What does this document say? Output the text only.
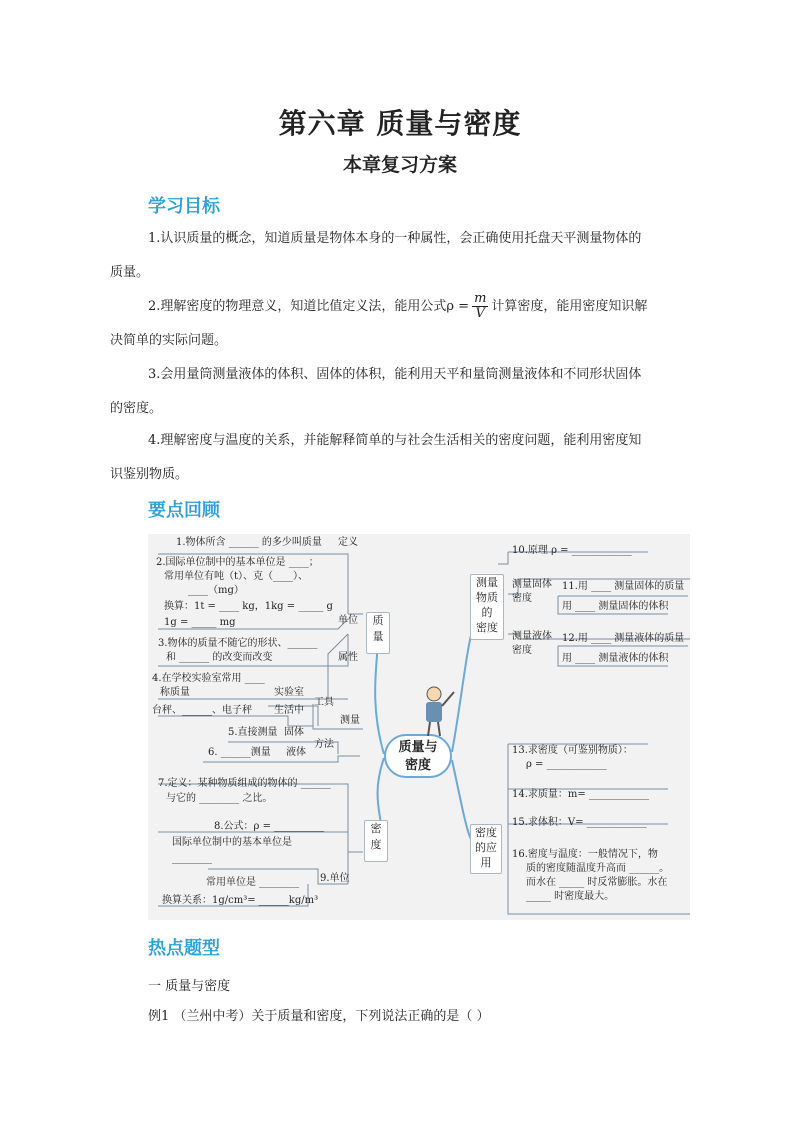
第六章 质量与密度
本章复习方案
学习目标
1.认识质量的概念，知道质量是物体本身的一种属性，会正确使用托盘天平测量物体的
质量。
2.理解密度的物理意义，知道比值定义法，能用公式$\rho = \frac{m}{V}$ 计算密度，能用密度知识解
决简单的实际问题。
3.会用量筒测量液体的体积、固体的体积，能利用天平和量筒测量液体和不同形状固体
的密度。
4.理解密度与温度的关系，并能解释简单的与社会生活相关的密度问题，能利用密度知
识鉴别物质。
要点回顾
1.物体所含 ______ 的多少叫质量 定义
2.国际单位制中的基本单位是 ____；
常用单位有吨（t）、克（____）、
____（mg）
换算：1t = ____ kg，1kg = _____ g
1g = _____ mg	单位
3.物体的质量不随它的形状、______
和 ______ 的改变而改变	属性
4.在学校实验室常用 ____
称质量	实验室
工具
台秤、______、电子秤 生活中
测量
5.直接测量 固体
6. ______测量 液体
方法
7.定义：某种物质组成的物体的 ______
与它的 ________ 之比。
8.公式：ρ = __________
国际单位制中的基本单位是
________
常用单位是 ________ 9.单位
换算关系：1g/cm³= ______kg/m³
质
量
密
度
测量
物质
的
密度
密度
的应
用
质量与
密度
10.原理 ρ = ____________
测量固体
密度
11.用 ____ 测量固体的质量
用 ____ 测量固体的体积
测量液体
密度
12.用 ____ 测量液体的质量
用 ____ 测量液体的体积
13.求密度（可鉴别物质）：
ρ = ____________
14.求质量：m= ____________
15.求体积：V= ____________
16.密度与温度：一般情况下，物
质的密度随温度升高而 ______。
而水在 _____ 时反常膨胀。水在
_____ 时密度最大。
热点题型
一 质量与密度
例1 （兰州中考）关于质量和密度，下列说法正确的是（ ）
